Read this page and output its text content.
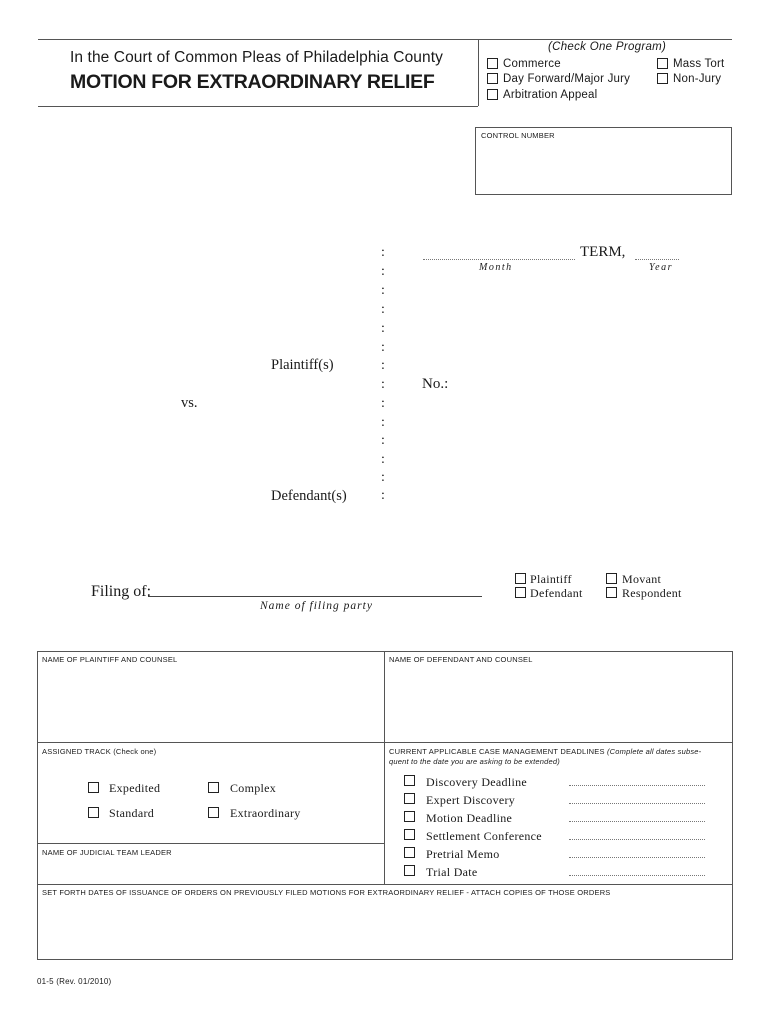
In the Court of Common Pleas of Philadelphia County
MOTION FOR EXTRAORDINARY RELIEF
(Check One Program)
Commerce	Mass Tort
Day Forward/Major Jury	Non-Jury
Arbitration Appeal
CONTROL NUMBER
:
:
:
:
:
:
:
:
:
:
:
:
:
:
TERM,
Month	Year
Plaintiff(s)
No.:
vs.
Defendant(s)
Filing of:
Name of filing party
Plaintiff	Movant
Defendant	Respondent
NAME OF PLAINTIFF AND COUNSEL	NAME OF DEFENDANT AND COUNSEL
ASSIGNED TRACK (Check one)
Expedited	Complex
Standard	Extraordinary
NAME OF JUDICIAL TEAM LEADER
CURRENT APPLICABLE CASE MANAGEMENT DEADLINES (Complete all dates subse-
quent to the date you are asking to be extended)
Discovery Deadline
Expert Discovery
Motion Deadline
Settlement Conference
Pretrial Memo
Trial Date
SET FORTH DATES OF ISSUANCE OF ORDERS ON PREVIOUSLY FILED MOTIONS FOR EXTRAORDINARY RELIEF - ATTACH COPIES OF THOSE ORDERS
01-5 (Rev. 01/2010)
